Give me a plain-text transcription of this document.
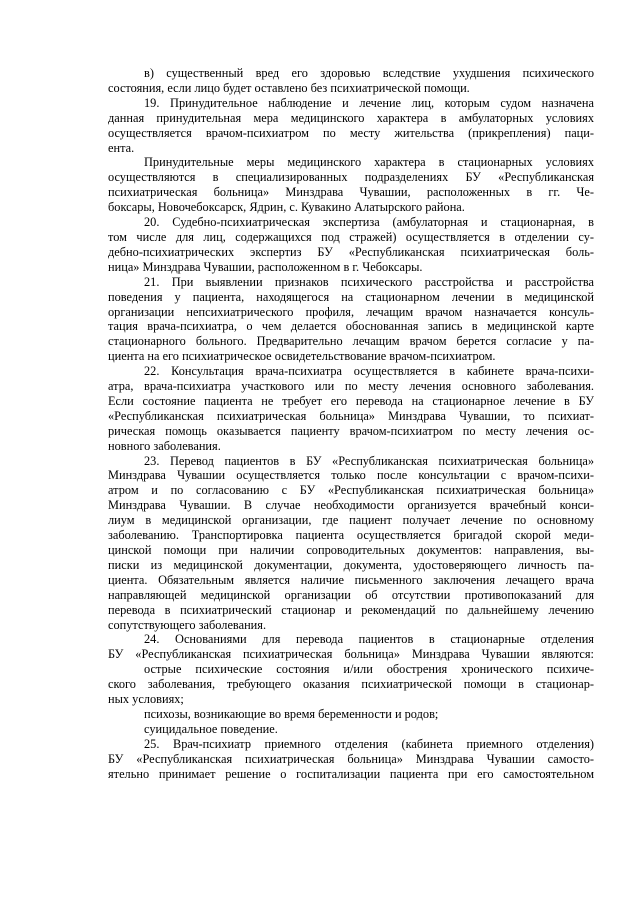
в) существенный вред его здоровью вследствие ухудшения психического
состояния, если лицо будет оставлено без психиатрической помощи.
19. Принудительное наблюдение и лечение лиц, которым судом назначена
данная принудительная мера медицинского характера в амбулаторных условиях
осуществляется врачом-психиатром по месту жительства (прикрепления) паци-
ента.
Принудительные меры медицинского характера в стационарных условиях
осуществляются в специализированных подразделениях БУ «Республиканская
психиатрическая больница» Минздрава Чувашии, расположенных в гг. Че-
боксары, Новочебоксарск, Ядрин, с. Кувакино Алатырского района.
20. Судебно-психиатрическая экспертиза (амбулаторная и стационарная, в
том числе для лиц, содержащихся под стражей) осуществляется в отделении су-
дебно-психиатрических экспертиз БУ «Республиканская психиатрическая боль-
ница» Минздрава Чувашии, расположенном в г. Чебоксары.
21. При выявлении признаков психического расстройства и расстройства
поведения у пациента, находящегося на стационарном лечении в медицинской
организации непсихиатрического профиля, лечащим врачом назначается консуль-
тация врача-психиатра, о чем делается обоснованная запись в медицинской карте
стационарного больного. Предварительно лечащим врачом берется согласие у па-
циента на его психиатрическое освидетельствование врачом-психиатром.
22. Консультация врача-психиатра осуществляется в кабинете врача-психи-
атра, врача-психиатра участкового или по месту лечения основного заболевания.
Если состояние пациента не требует его перевода на стационарное лечение в БУ
«Республиканская психиатрическая больница» Минздрава Чувашии, то психиат-
рическая помощь оказывается пациенту врачом-психиатром по месту лечения ос-
новного заболевания.
23. Перевод пациентов в БУ «Республиканская психиатрическая больница»
Минздрава Чувашии осуществляется только после консультации с врачом-психи-
атром и по согласованию с БУ «Республиканская психиатрическая больница»
Минздрава Чувашии. В случае необходимости организуется врачебный конси-
лиум в медицинской организации, где пациент получает лечение по основному
заболеванию. Транспортировка пациента осуществляется бригадой скорой меди-
цинской помощи при наличии сопроводительных документов: направления, вы-
писки из медицинской документации, документа, удостоверяющего личность па-
циента. Обязательным является наличие письменного заключения лечащего врача
направляющей медицинской организации об отсутствии противопоказаний для
перевода в психиатрический стационар и рекомендаций по дальнейшему лечению
сопутствующего заболевания.
24. Основаниями для перевода пациентов в стационарные отделения
БУ «Республиканская психиатрическая больница» Минздрава Чувашии являются:
острые психические состояния и/или обострения хронического психиче-
ского заболевания, требующего оказания психиатрической помощи в стационар-
ных условиях;
психозы, возникающие во время беременности и родов;
суицидальное поведение.
25. Врач-психиатр приемного отделения (кабинета приемного отделения)
БУ «Республиканская психиатрическая больница» Минздрава Чувашии самосто-
ятельно принимает решение о госпитализации пациента при его самостоятельном
